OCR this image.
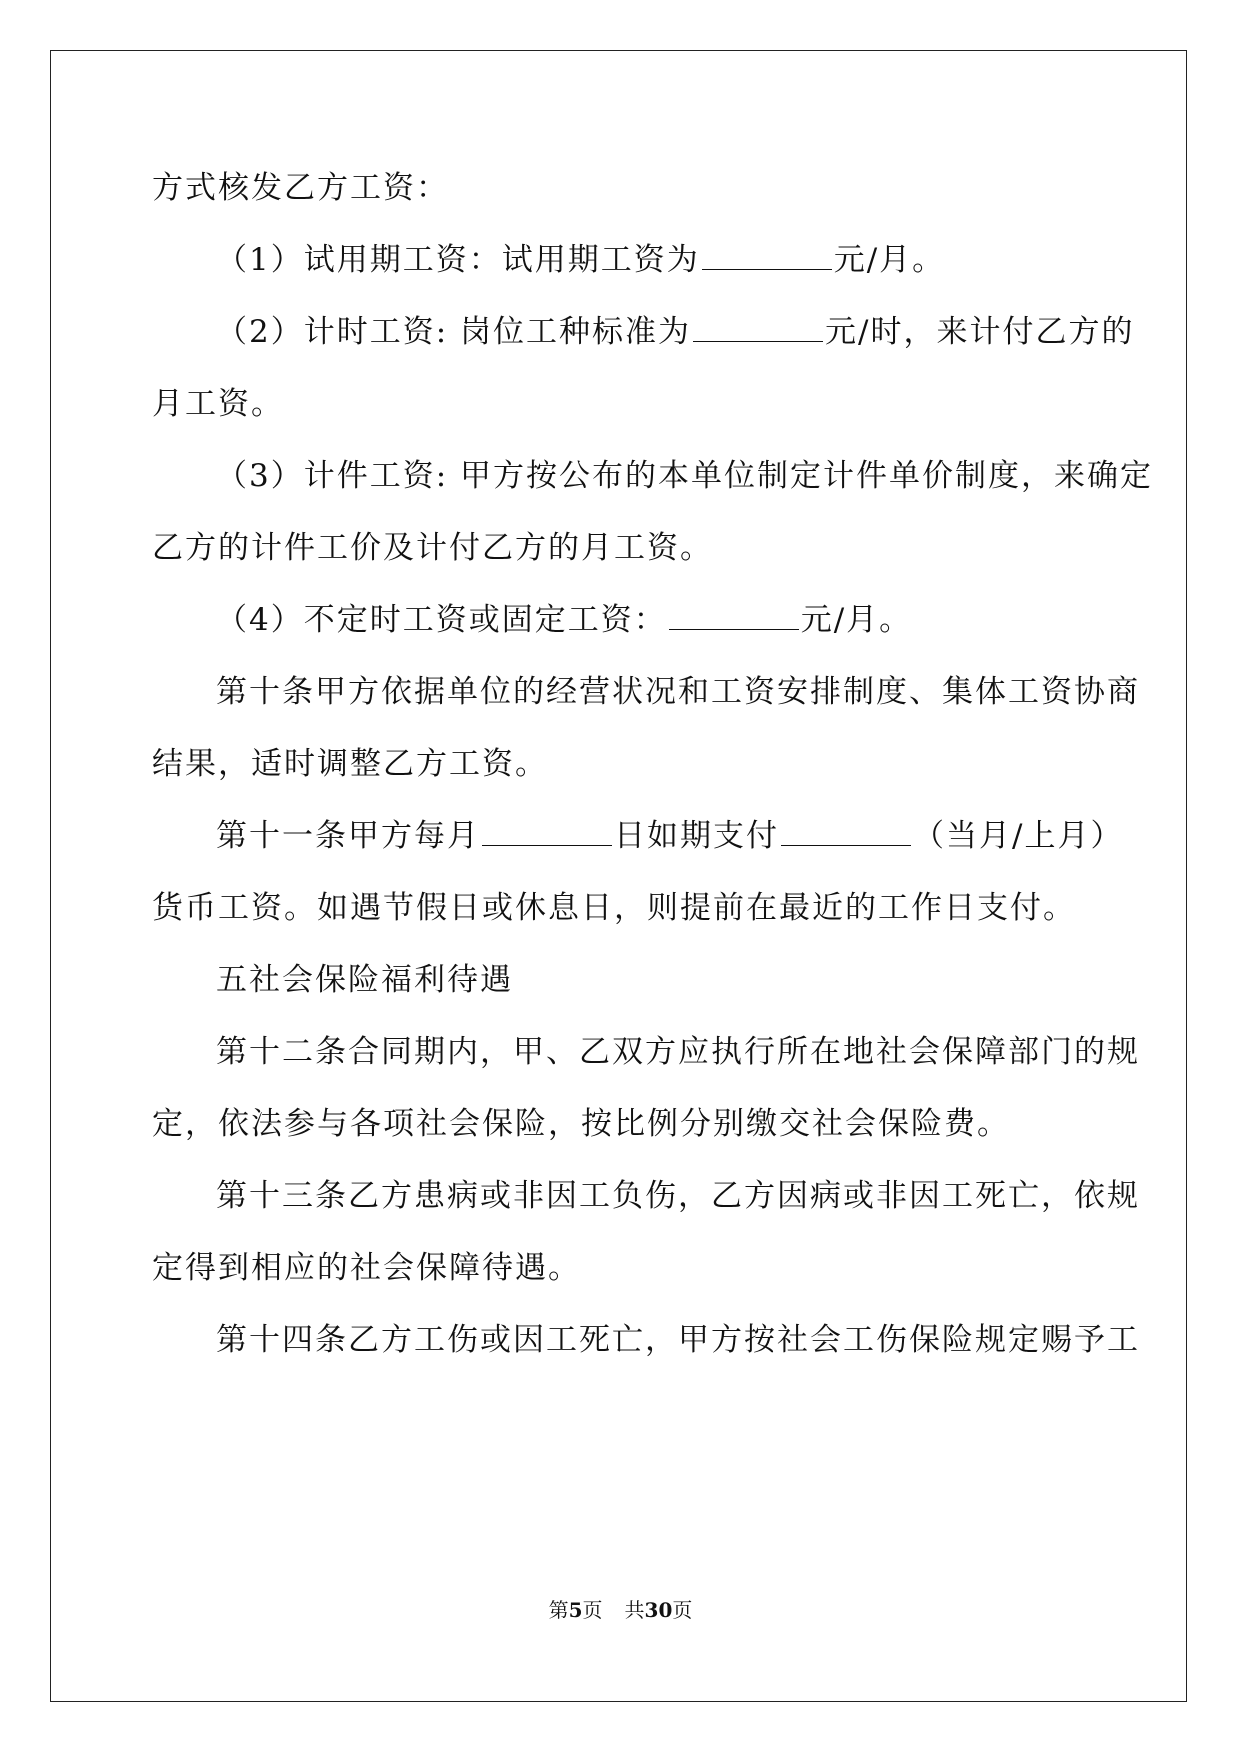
方式核发乙方工资：
（1）试用期工资：试用期工资为	元/月。
（2）计时工资: 岗位工种标准为	元/时，来计付乙方的
月工资。
（3）计件工资: 甲方按公布的本单位制定计件单价制度，来确定
乙方的计件工价及计付乙方的月工资。
（4）不定时工资或固定工资：	元/月。
第十条甲方依据单位的经营状况和工资安排制度、集体工资协商
结果，适时调整乙方工资。
第十一条甲方每月	日如期支付	（当月/上月）
货币工资。如遇节假日或休息日，则提前在最近的工作日支付。
五社会保险福利待遇
第十二条合同期内，甲、乙双方应执行所在地社会保障部门的规
定，依法参与各项社会保险，按比例分别缴交社会保险费。
第十三条乙方患病或非因工负伤，乙方因病或非因工死亡，依规
定得到相应的社会保障待遇。
第十四条乙方工伤或因工死亡，甲方按社会工伤保险规定赐予工
第5页 共30页
